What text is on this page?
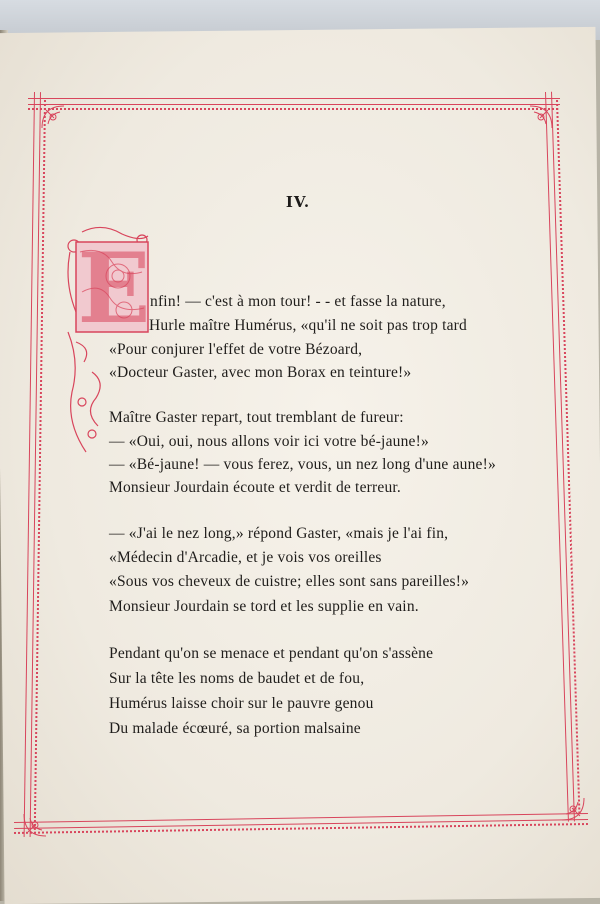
IV.
E nfin! — c'est à mon tour! - - et fasse la nature,
Hurle maître Humérus, «qu'il ne soit pas trop tard
«Pour conjurer l'effet de votre Bézoard,
«Docteur Gaster, avec mon Borax en teinture!»
Maître Gaster repart, tout tremblant de fureur:
— «Oui, oui, nous allons voir ici votre bé-jaune!»
— «Bé-jaune! — vous ferez, vous, un nez long d'une aune!»
Monsieur Jourdain écoute et verdit de terreur.
— «J'ai le nez long,» répond Gaster, «mais je l'ai fin,
«Médecin d'Arcadie, et je vois vos oreilles
«Sous vos cheveux de cuistre; elles sont sans pareilles!»
Monsieur Jourdain se tord et les supplie en vain.
Pendant qu'on se menace et pendant qu'on s'assène
Sur la tête les noms de baudet et de fou,
Humérus laisse choir sur le pauvre genou
Du malade écœuré, sa portion malsaine
